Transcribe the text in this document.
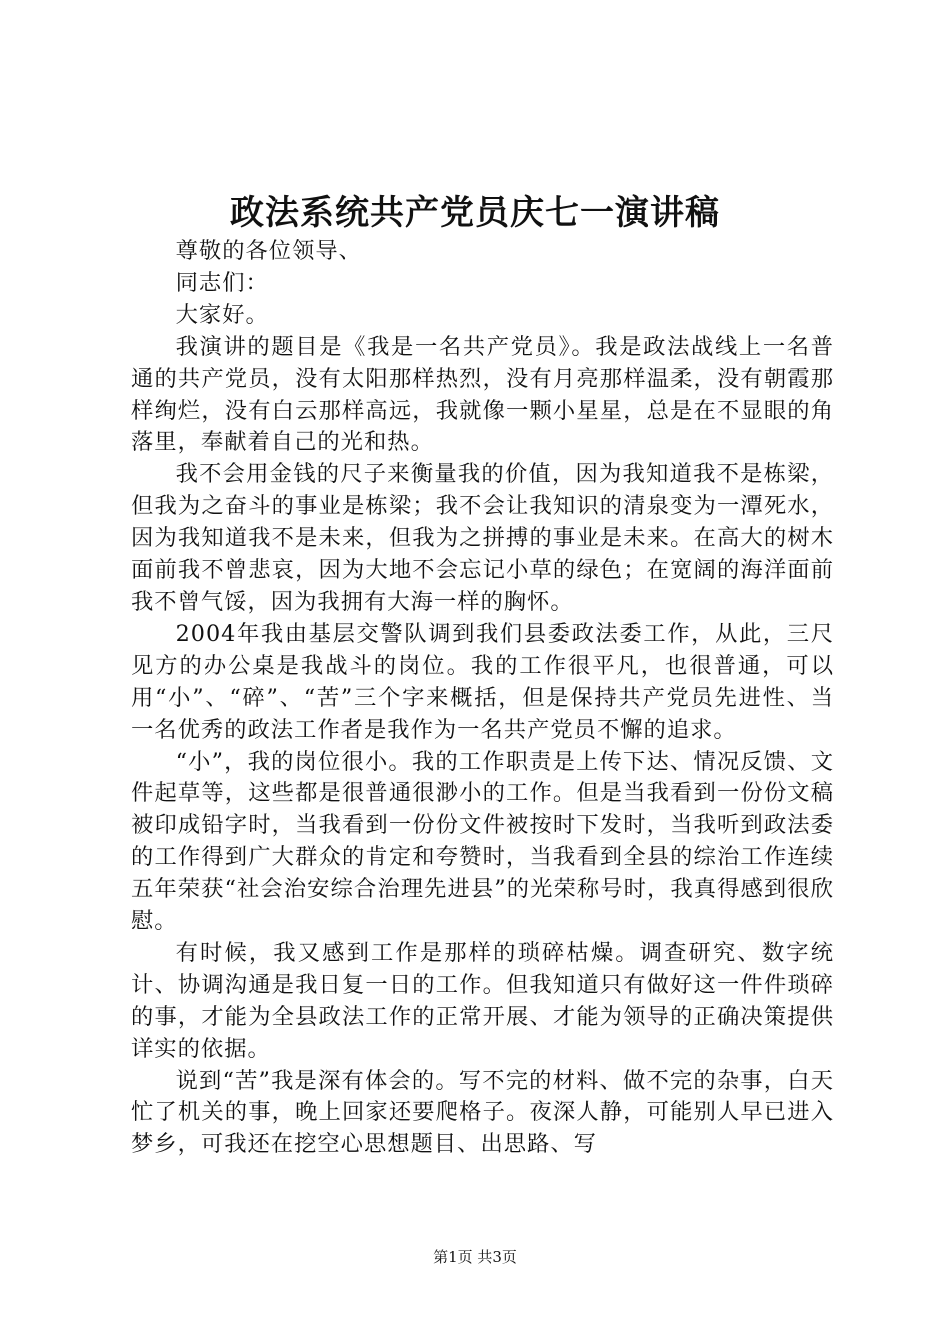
政法系统共产党员庆七一演讲稿

尊敬的各位领导、

同志们：

大家好。

我演讲的题目是《我是一名共产党员》。我是政法战线上一名普通的共产党员，没有太阳那样热烈，没有月亮那样温柔，没有朝霞那样绚烂，没有白云那样高远，我就像一颗小星星，总是在不显眼的角落里，奉献着自己的光和热。

我不会用金钱的尺子来衡量我的价值，因为我知道我不是栋梁，但我为之奋斗的事业是栋梁；我不会让我知识的清泉变为一潭死水，因为我知道我不是未来，但我为之拼搏的事业是未来。在高大的树木面前我不曾悲哀，因为大地不会忘记小草的绿色；在宽阔的海洋面前我不曾气馁，因为我拥有大海一样的胸怀。

2004年我由基层交警队调到我们县委政法委工作，从此，三尺见方的办公桌是我战斗的岗位。我的工作很平凡，也很普通，可以用“小”、“碎”、“苦”三个字来概括，但是保持共产党员先进性、当一名优秀的政法工作者是我作为一名共产党员不懈的追求。

“小”，我的岗位很小。我的工作职责是上传下达、情况反馈、文件起草等，这些都是很普通很渺小的工作。但是当我看到一份份文稿被印成铅字时，当我看到一份份文件被按时下发时，当我听到政法委的工作得到广大群众的肯定和夸赞时，当我看到全县的综治工作连续五年荣获“社会治安综合治理先进县”的光荣称号时，我真得感到很欣慰。

有时候，我又感到工作是那样的琐碎枯燥。调查研究、数字统计、协调沟通是我日复一日的工作。但我知道只有做好这一件件琐碎的事，才能为全县政法工作的正常开展、才能为领导的正确决策提供详实的依据。

说到“苦”我是深有体会的。写不完的材料、做不完的杂事，白天忙了机关的事，晚上回家还要爬格子。夜深人静，可能别人早已进入梦乡，可我还在挖空心思想题目、出思路、写

第1页 共3页
